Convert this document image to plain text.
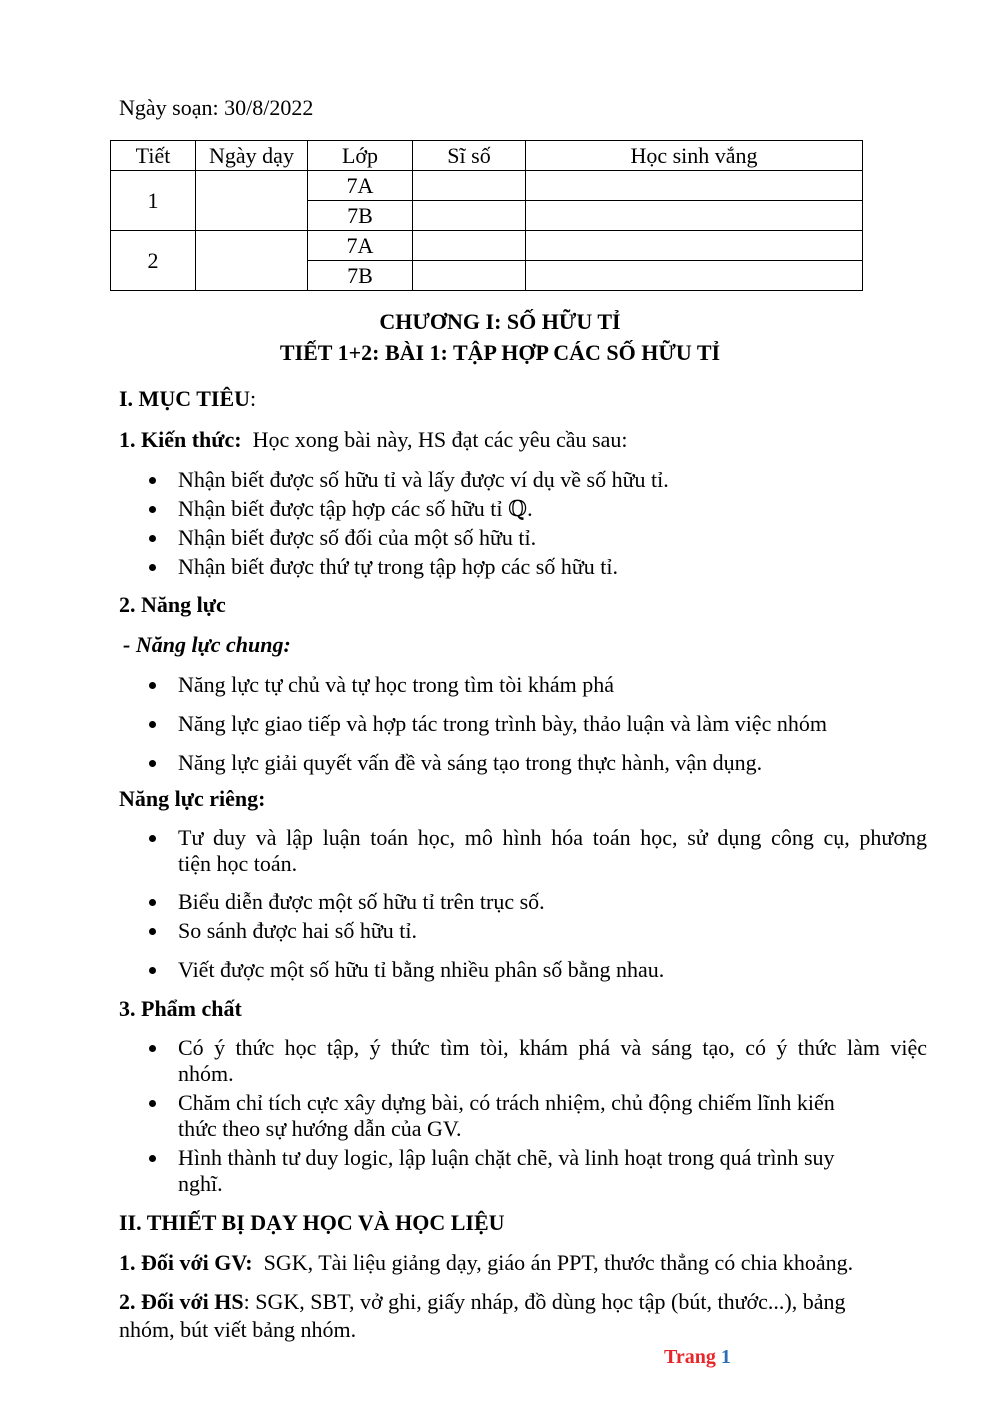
Ngày soạn: 30/8/2022
Tiết	Ngày dạy	Lớp	Sĩ số	Học sinh vắng
1		7A		
		7B		
2		7A		
		7B		
CHƯƠNG I: SỐ HỮU TỈ
TIẾT 1+2: BÀI 1: TẬP HỢP CÁC SỐ HỮU TỈ
I. MỤC TIÊU:
1. Kiến thức: Học xong bài này, HS đạt các yêu cầu sau:
Nhận biết được số hữu tỉ và lấy được ví dụ về số hữu tỉ.
Nhận biết được tập hợp các số hữu tỉ ℚ.
Nhận biết được số đối của một số hữu tỉ.
Nhận biết được thứ tự trong tập hợp các số hữu tỉ.
2. Năng lực
- Năng lực chung:
Năng lực tự chủ và tự học trong tìm tòi khám phá
Năng lực giao tiếp và hợp tác trong trình bày, thảo luận và làm việc nhóm
Năng lực giải quyết vấn đề và sáng tạo trong thực hành, vận dụng.
Năng lực riêng:
Tư duy và lập luận toán học, mô hình hóa toán học, sử dụng công cụ, phương
tiện học toán.
Biểu diễn được một số hữu tỉ trên trục số.
So sánh được hai số hữu tỉ.
Viết được một số hữu tỉ bằng nhiều phân số bằng nhau.
3. Phẩm chất
Có ý thức học tập, ý thức tìm tòi, khám phá và sáng tạo, có ý thức làm việc
nhóm.
Chăm chỉ tích cực xây dựng bài, có trách nhiệm, chủ động chiếm lĩnh kiến
thức theo sự hướng dẫn của GV.
Hình thành tư duy logic, lập luận chặt chẽ, và linh hoạt trong quá trình suy
nghĩ.
II. THIẾT BỊ DẠY HỌC VÀ HỌC LIỆU
1. Đối với GV: SGK, Tài liệu giảng dạy, giáo án PPT, thước thẳng có chia khoảng.
2. Đối với HS: SGK, SBT, vở ghi, giấy nháp, đồ dùng học tập (bút, thước...), bảng
nhóm, bút viết bảng nhóm.
Trang 1
